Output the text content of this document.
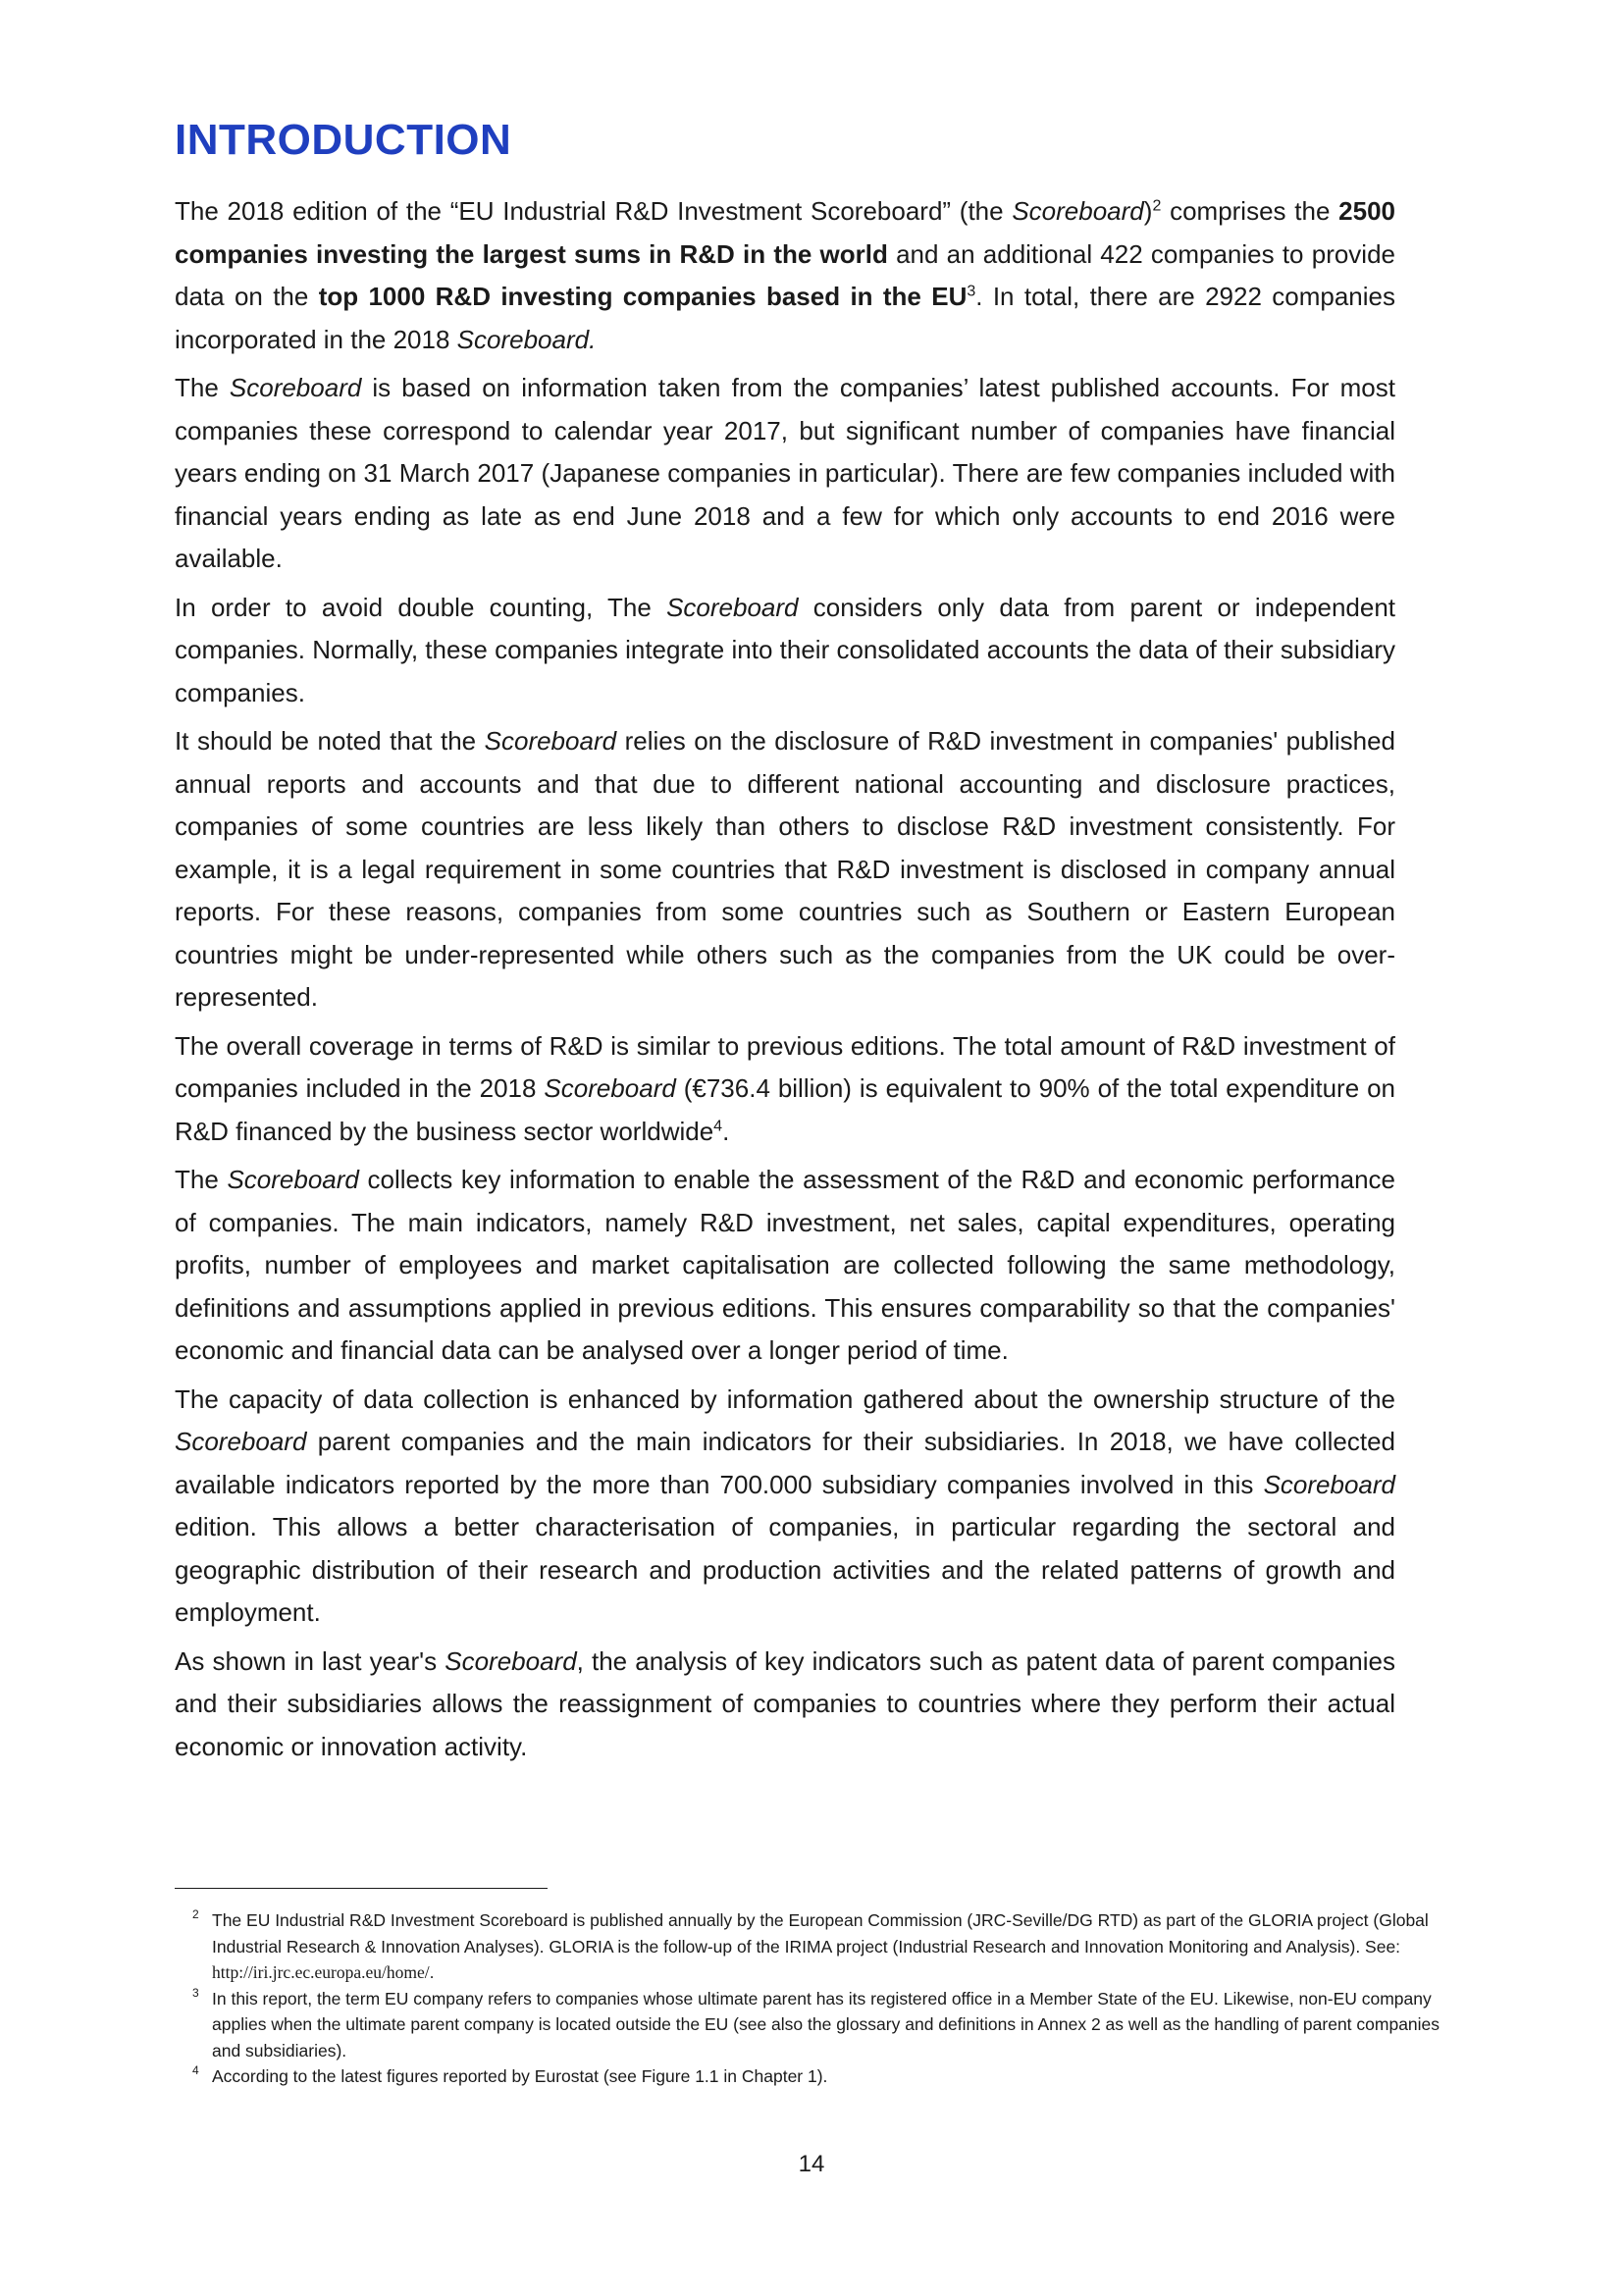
INTRODUCTION

The 2018 edition of the “EU Industrial R&D Investment Scoreboard” (the Scoreboard)$^2$ comprises the 2500 companies investing the largest sums in R&D in the world and an additional 422 companies to provide data on the top 1000 R&D investing companies based in the EU$^3$. In total, there are 2922 companies incorporated in the 2018 Scoreboard.

The Scoreboard is based on information taken from the companies’ latest published accounts. For most companies these correspond to calendar year 2017, but significant number of companies have financial years ending on 31 March 2017 (Japanese companies in particular). There are few companies included with financial years ending as late as end June 2018 and a few for which only accounts to end 2016 were available.

In order to avoid double counting, The Scoreboard considers only data from parent or independent companies. Normally, these companies integrate into their consolidated accounts the data of their subsidiary companies.

It should be noted that the Scoreboard relies on the disclosure of R&D investment in companies' published annual reports and accounts and that due to different national accounting and disclosure practices, companies of some countries are less likely than others to disclose R&D investment consistently. For example, it is a legal requirement in some countries that R&D investment is disclosed in company annual reports. For these reasons, companies from some countries such as Southern or Eastern European countries might be under-represented while others such as the companies from the UK could be over-represented.

The overall coverage in terms of R&D is similar to previous editions. The total amount of R&D investment of companies included in the 2018 Scoreboard (€736.4 billion) is equivalent to 90% of the total expenditure on R&D financed by the business sector worldwide$^4$.

The Scoreboard collects key information to enable the assessment of the R&D and economic performance of companies. The main indicators, namely R&D investment, net sales, capital expenditures, operating profits, number of employees and market capitalisation are collected following the same methodology, definitions and assumptions applied in previous editions. This ensures comparability so that the companies' economic and financial data can be analysed over a longer period of time.

The capacity of data collection is enhanced by information gathered about the ownership structure of the Scoreboard parent companies and the main indicators for their subsidiaries. In 2018, we have collected available indicators reported by the more than 700.000 subsidiary companies involved in this Scoreboard edition. This allows a better characterisation of companies, in particular regarding the sectoral and geographic distribution of their research and production activities and the related patterns of growth and employment.

As shown in last year's Scoreboard, the analysis of key indicators such as patent data of parent companies and their subsidiaries allows the reassignment of companies to countries where they perform their actual economic or innovation activity.

2 The EU Industrial R&D Investment Scoreboard is published annually by the European Commission (JRC-Seville/DG RTD) as part of the GLORIA project (Global Industrial Research & Innovation Analyses). GLORIA is the follow-up of the IRIMA project (Industrial Research and Innovation Monitoring and Analysis). See: http://iri.jrc.ec.europa.eu/home/.

3 In this report, the term EU company refers to companies whose ultimate parent has its registered office in a Member State of the EU. Likewise, non-EU company applies when the ultimate parent company is located outside the EU (see also the glossary and definitions in Annex 2 as well as the handling of parent companies and subsidiaries).

4 According to the latest figures reported by Eurostat (see Figure 1.1 in Chapter 1).

14
